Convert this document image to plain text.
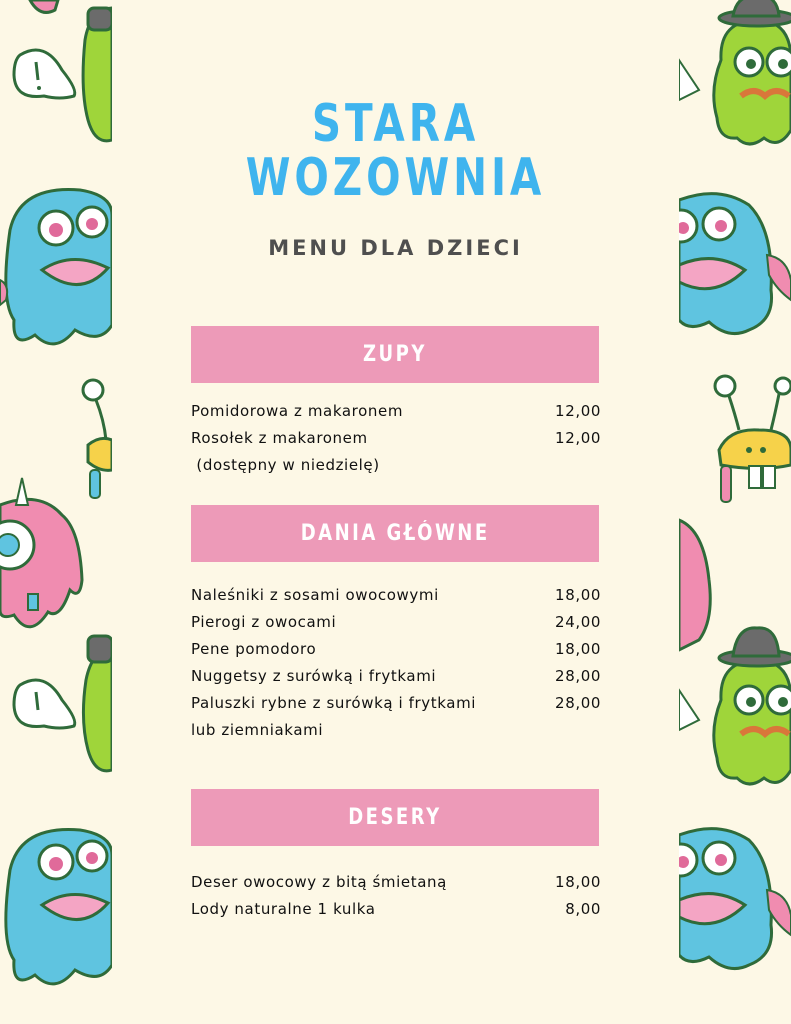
STARA
WOZOWNIA
MENU DLA DZIECI
ZUPY
Pomidorowa z makaronem	12,00
Rosołek z makaronem	12,00
(dostępny w niedzielę)
DANIA GŁÓWNE
Naleśniki z sosami owocowymi	18,00
Pierogi z owocami	24,00
Pene pomodoro	18,00
Nuggetsy z surówką i frytkami	28,00
Paluszki rybne z surówką i frytkami	28,00
lub ziemniakami
DESERY
Deser owocowy z bitą śmietaną	18,00
Lody naturalne 1 kulka	8,00
